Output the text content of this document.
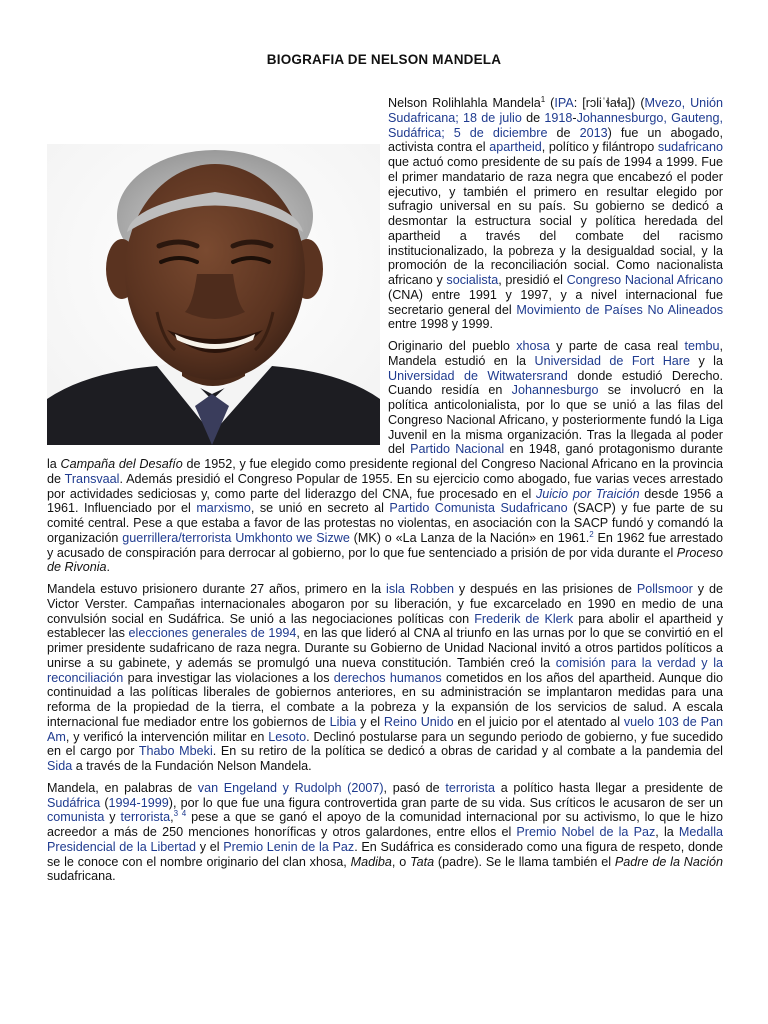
BIOGRAFIA DE NELSON MANDELA

Nelson Rolihlahla Mandela$^1$ (IPA: [rɔliˈɬaɬa]) (Mvezo, Unión Sudafricana; 18 de julio de 1918-Johannesburgo, Gauteng, Sudáfrica; 5 de diciembre de 2013) fue un abogado, activista contra el apartheid, político y filántropo sudafricano que actuó como presidente de su país de 1994 a 1999. Fue el primer mandatario de raza negra que encabezó el poder ejecutivo, y también el primero en resultar elegido por sufragio universal en su país. Su gobierno se dedicó a desmontar la estructura social y política heredada del apartheid a través del combate del racismo institucionalizado, la pobreza y la desigualdad social, y la promoción de la reconciliación social. Como nacionalista africano y socialista, presidió el Congreso Nacional Africano (CNA) entre 1991 y 1997, y a nivel internacional fue secretario general del Movimiento de Países No Alineados entre 1998 y 1999.

Originario del pueblo xhosa y parte de casa real tembu, Mandela estudió en la Universidad de Fort Hare y la Universidad de Witwatersrand donde estudió Derecho. Cuando residía en Johannesburgo se involucró en la política anticolonialista, por lo que se unió a las filas del Congreso Nacional Africano, y posteriormente fundó la Liga Juvenil en la misma organización. Tras la llegada al poder del Partido Nacional en 1948, ganó protagonismo durante la Campaña del Desafío de 1952, y fue elegido como presidente regional del Congreso Nacional Africano en la provincia de Transvaal. Además presidió el Congreso Popular de 1955. En su ejercicio como abogado, fue varias veces arrestado por actividades sediciosas y, como parte del liderazgo del CNA, fue procesado en el Juicio por Traición desde 1956 a 1961. Influenciado por el marxismo, se unió en secreto al Partido Comunista Sudafricano (SACP) y fue parte de su comité central. Pese a que estaba a favor de las protestas no violentas, en asociación con la SACP fundó y comandó la organización guerrillera/terrorista Umkhonto we Sizwe (MK) o «La Lanza de la Nación» en 1961.$^2$ En 1962 fue arrestado y acusado de conspiración para derrocar al gobierno, por lo que fue sentenciado a prisión de por vida durante el Proceso de Rivonia.

Mandela estuvo prisionero durante 27 años, primero en la isla Robben y después en las prisiones de Pollsmoor y de Victor Verster. Campañas internacionales abogaron por su liberación, y fue excarcelado en 1990 en medio de una convulsión social en Sudáfrica. Se unió a las negociaciones políticas con Frederik de Klerk para abolir el apartheid y establecer las elecciones generales de 1994, en las que lideró al CNA al triunfo en las urnas por lo que se convirtió en el primer presidente sudafricano de raza negra. Durante su Gobierno de Unidad Nacional invitó a otros partidos políticos a unirse a su gabinete, y además se promulgó una nueva constitución. También creó la comisión para la verdad y la reconciliación para investigar las violaciones a los derechos humanos cometidos en los años del apartheid. Aunque dio continuidad a las políticas liberales de gobiernos anteriores, en su administración se implantaron medidas para una reforma de la propiedad de la tierra, el combate a la pobreza y la expansión de los servicios de salud. A escala internacional fue mediador entre los gobiernos de Libia y el Reino Unido en el juicio por el atentado al vuelo 103 de Pan Am, y verificó la intervención militar en Lesoto. Declinó postularse para un segundo periodo de gobierno, y fue sucedido en el cargo por Thabo Mbeki. En su retiro de la política se dedicó a obras de caridad y al combate a la pandemia del Sida a través de la Fundación Nelson Mandela.

Mandela, en palabras de van Engeland y Rudolph (2007), pasó de terrorista a político hasta llegar a presidente de Sudáfrica (1994-1999), por lo que fue una figura controvertida gran parte de su vida. Sus críticos le acusaron de ser un comunista y terrorista,$^{3 4}$ pese a que se ganó el apoyo de la comunidad internacional por su activismo, lo que le hizo acreedor a más de 250 menciones honoríficas y otros galardones, entre ellos el Premio Nobel de la Paz, la Medalla Presidencial de la Libertad y el Premio Lenin de la Paz. En Sudáfrica es considerado como una figura de respeto, donde se le conoce con el nombre originario del clan xhosa, Madiba, o Tata (padre). Se le llama también el Padre de la Nación sudafricana.
